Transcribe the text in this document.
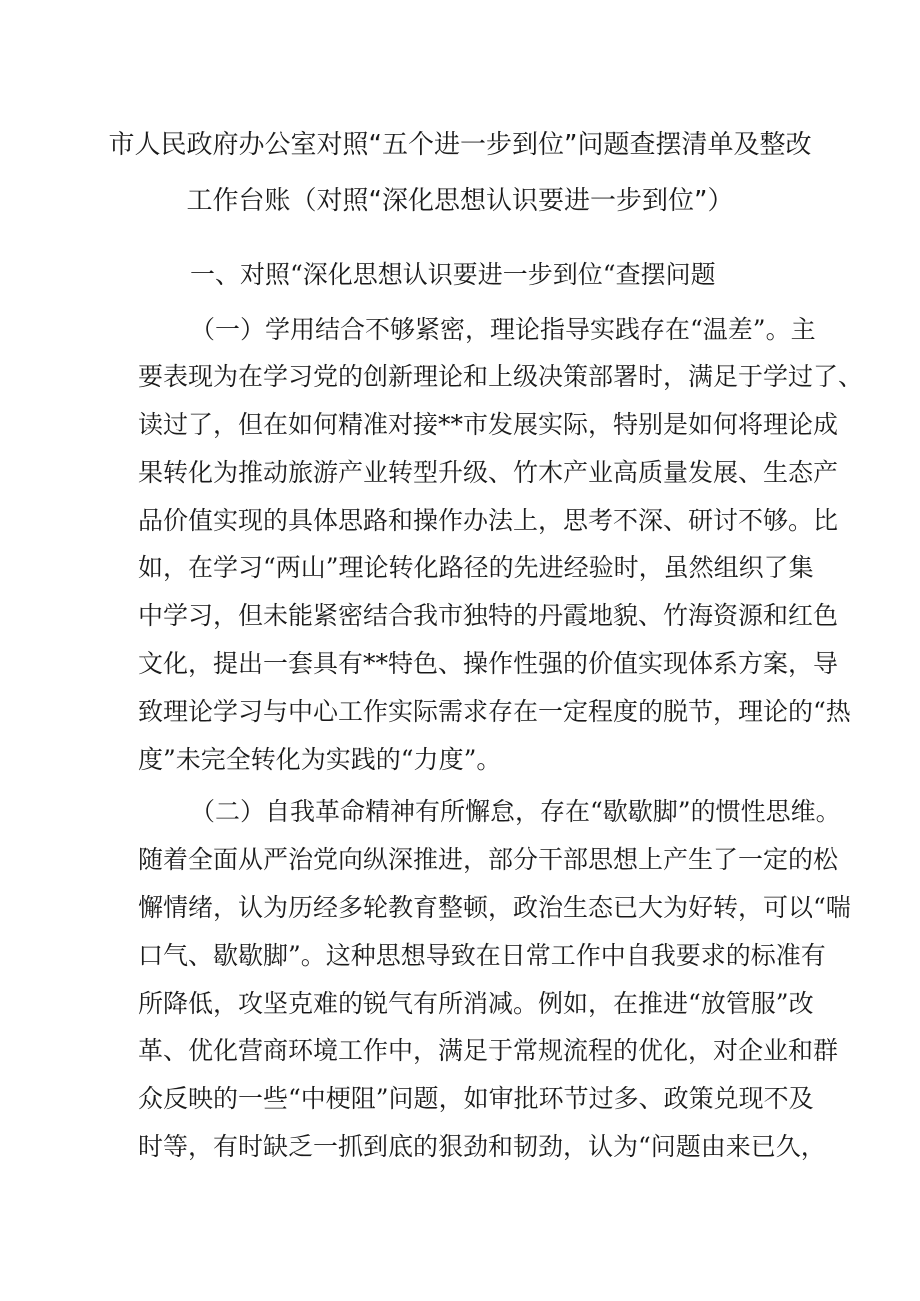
市人民政府办公室对照“五个进一步到位”问题查摆清单及整改
工作台账（对照“深化思想认识要进一步到位”）
一、对照“深化思想认识要进一步到位“查摆问题
（一）学用结合不够紧密，理论指导实践存在“温差”。主
要表现为在学习党的创新理论和上级决策部署时，满足于学过了、
读过了，但在如何精准对接**市发展实际，特别是如何将理论成
果转化为推动旅游产业转型升级、竹木产业高质量发展、生态产
品价值实现的具体思路和操作办法上，思考不深、研讨不够。比
如，在学习“两山”理论转化路径的先进经验时，虽然组织了集
中学习，但未能紧密结合我市独特的丹霞地貌、竹海资源和红色
文化，提出一套具有**特色、操作性强的价值实现体系方案，导
致理论学习与中心工作实际需求存在一定程度的脱节，理论的“热
度”未完全转化为实践的“力度”。
（二）自我革命精神有所懈怠，存在“歇歇脚”的惯性思维。
随着全面从严治党向纵深推进，部分干部思想上产生了一定的松
懈情绪，认为历经多轮教育整顿，政治生态已大为好转，可以“喘
口气、歇歇脚”。这种思想导致在日常工作中自我要求的标准有
所降低，攻坚克难的锐气有所消减。例如，在推进“放管服”改
革、优化营商环境工作中，满足于常规流程的优化，对企业和群
众反映的一些“中梗阻”问题，如审批环节过多、政策兑现不及
时等，有时缺乏一抓到底的狠劲和韧劲，认为“问题由来已久，
